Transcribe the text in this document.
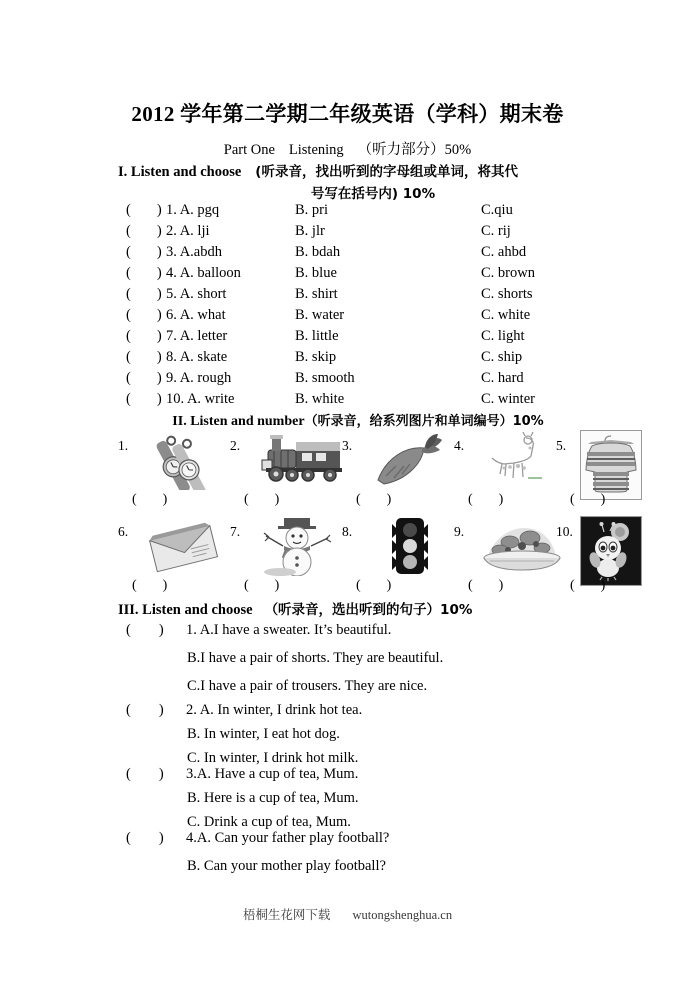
2012 学年第二学期二年级英语（学科）期末卷
Part One Listening （听力部分）50%
I. Listen and choose (听录音，找出听到的字母组或单词，将其代
号写在括号内) 10%
( ) 1. A. pgq	B. pri	C.qiu
( ) 2. A. lji	B. jlr	C. rij
( ) 3. A.abdh	B. bdah	C. ahbd
( ) 4. A. balloon	B. blue	C. brown
( ) 5. A. short	B. shirt	C. shorts
( ) 6. A. what	B. water	C. white
( ) 7. A. letter	B. little	C. light
( ) 8. A. skate	B. skip	C. ship
( ) 9. A. rough	B. smooth	C. hard
( ) 10. A. write	B. white	C. winter
II. Listen and number（听录音，给系列图片和单词编号）10%
1.
( )
2.
( )
3.
( )
4.
( )
5.
( )
6.
( )
7.
( )
8.
( )
9.
( )
10.
( )
III. Listen and choose （听录音，选出听到的句子）10%
( ) 1. A.I have a sweater. It’s beautiful.
B.I have a pair of shorts. They are beautiful.
C.I have a pair of trousers. They are nice.
( ) 2. A. In winter, I drink hot tea.
B. In winter, I eat hot dog.
C. In winter, I drink hot milk.
( ) 3.A. Have a cup of tea, Mum.
B. Here is a cup of tea, Mum.
C. Drink a cup of tea, Mum.
( ) 4.A. Can your father play football?
B. Can your mother play football?
梧桐生花网下载 wutongshenghua.cn
